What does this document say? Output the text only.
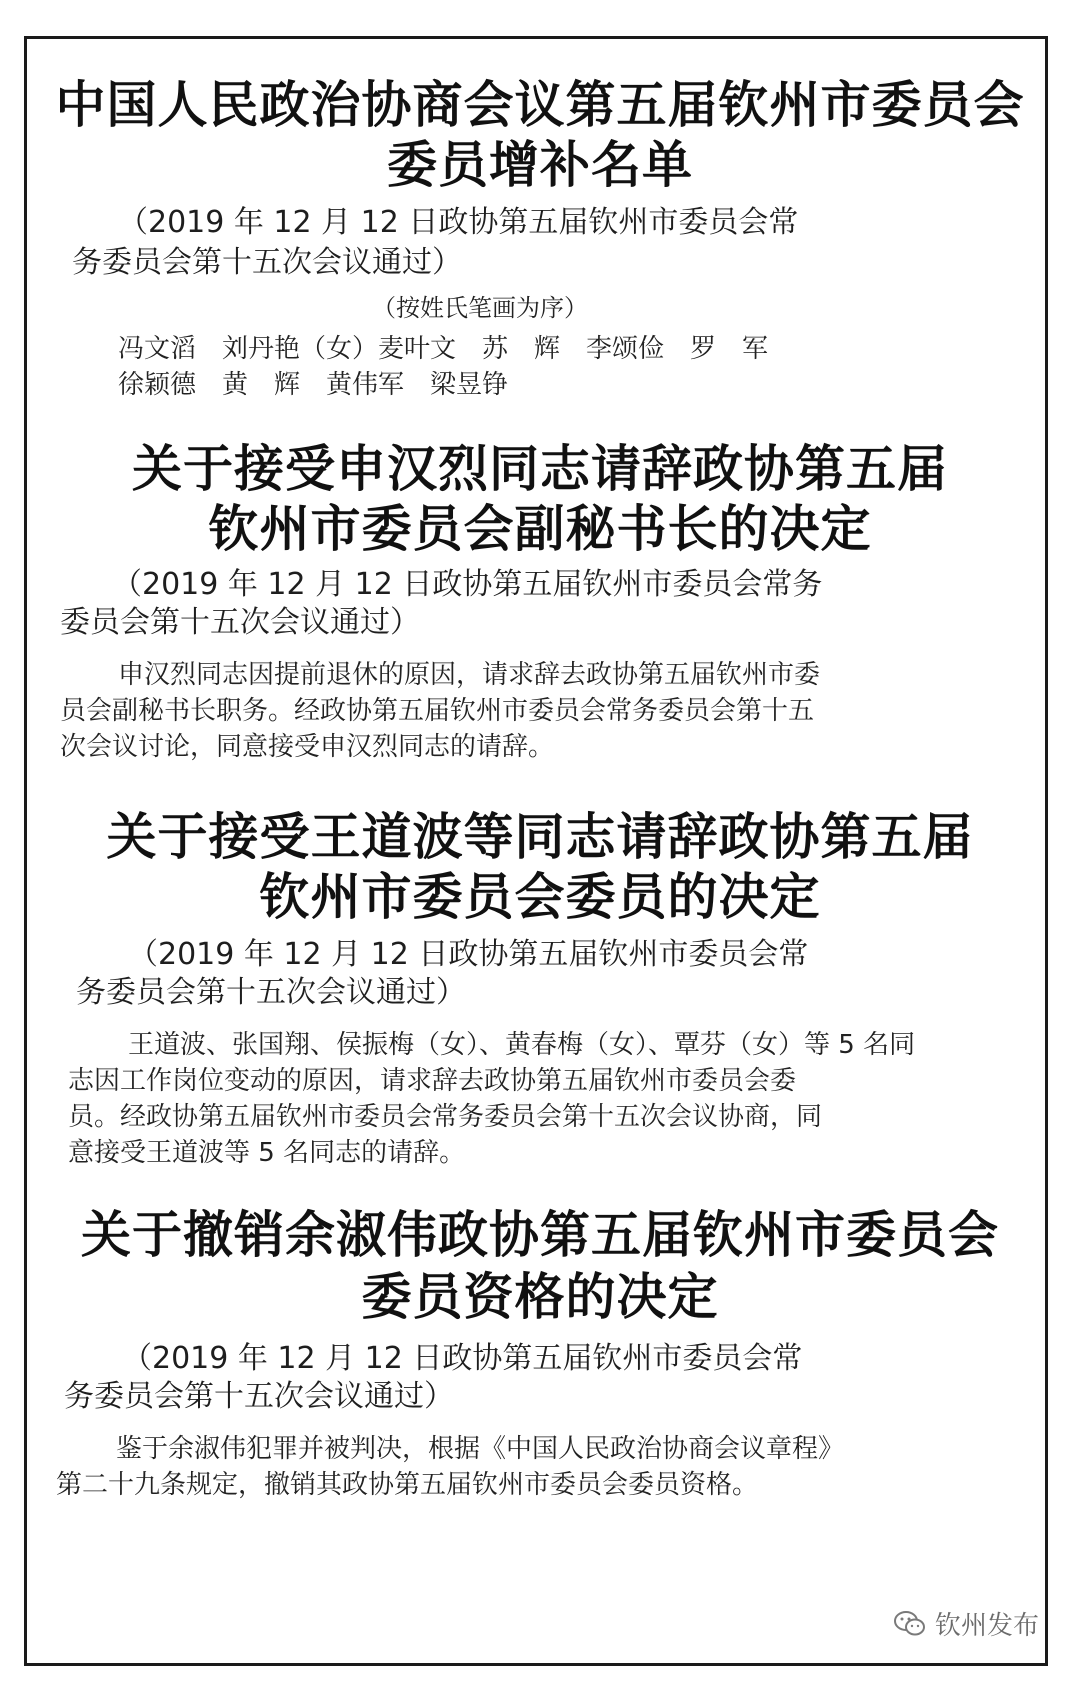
中国人民政治协商会议第五届钦州市委员会
委员增补名单
（2019 年 12 月 12 日政协第五届钦州市委员会常
务委员会第十五次会议通过）
（按姓氏笔画为序）
冯文滔　刘丹艳（女）麦叶文　苏　辉　李颂俭　罗　军
徐颖德　黄　辉　黄伟军　梁昱铮
关于接受申汉烈同志请辞政协第五届
钦州市委员会副秘书长的决定
（2019 年 12 月 12 日政协第五届钦州市委员会常务
委员会第十五次会议通过）
申汉烈同志因提前退休的原因，请求辞去政协第五届钦州市委
员会副秘书长职务。经政协第五届钦州市委员会常务委员会第十五
次会议讨论，同意接受申汉烈同志的请辞。
关于接受王道波等同志请辞政协第五届
钦州市委员会委员的决定
（2019 年 12 月 12 日政协第五届钦州市委员会常
务委员会第十五次会议通过）
王道波、张国翔、侯振梅（女）、黄春梅（女）、覃芬（女）等 5 名同
志因工作岗位变动的原因，请求辞去政协第五届钦州市委员会委
员。经政协第五届钦州市委员会常务委员会第十五次会议协商，同
意接受王道波等 5 名同志的请辞。
关于撤销余淑伟政协第五届钦州市委员会
委员资格的决定
（2019 年 12 月 12 日政协第五届钦州市委员会常
务委员会第十五次会议通过）
鉴于余淑伟犯罪并被判决，根据《中国人民政治协商会议章程》
第二十九条规定，撤销其政协第五届钦州市委员会委员资格。
钦州发布
